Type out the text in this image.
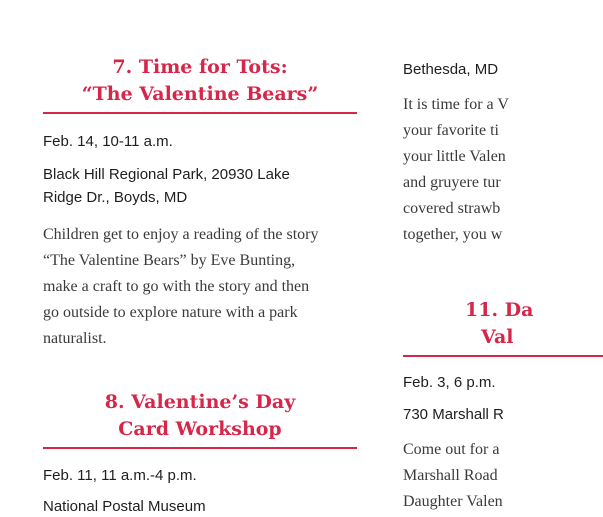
7. Time for Tots:
“The Valentine Bears”
Feb. 14, 10-11 a.m.
Black Hill Regional Park, 20930 Lake
Ridge Dr., Boyds, MD
Children get to enjoy a reading of the story
“The Valentine Bears” by Eve Bunting,
make a craft to go with the story and then
go outside to explore nature with a park
naturalist.
8. Valentine’s Day
Card Workshop
Feb. 11, 11 a.m.-4 p.m.
National Postal Museum
Bethesda, MD
It is time for a V
your favorite ti
your little Valen
and gruyere tur
covered strawb
together, you w
11. Da
Val
Feb. 3, 6 p.m.
730 Marshall R
Come out for a
Marshall Road
Daughter Valen
